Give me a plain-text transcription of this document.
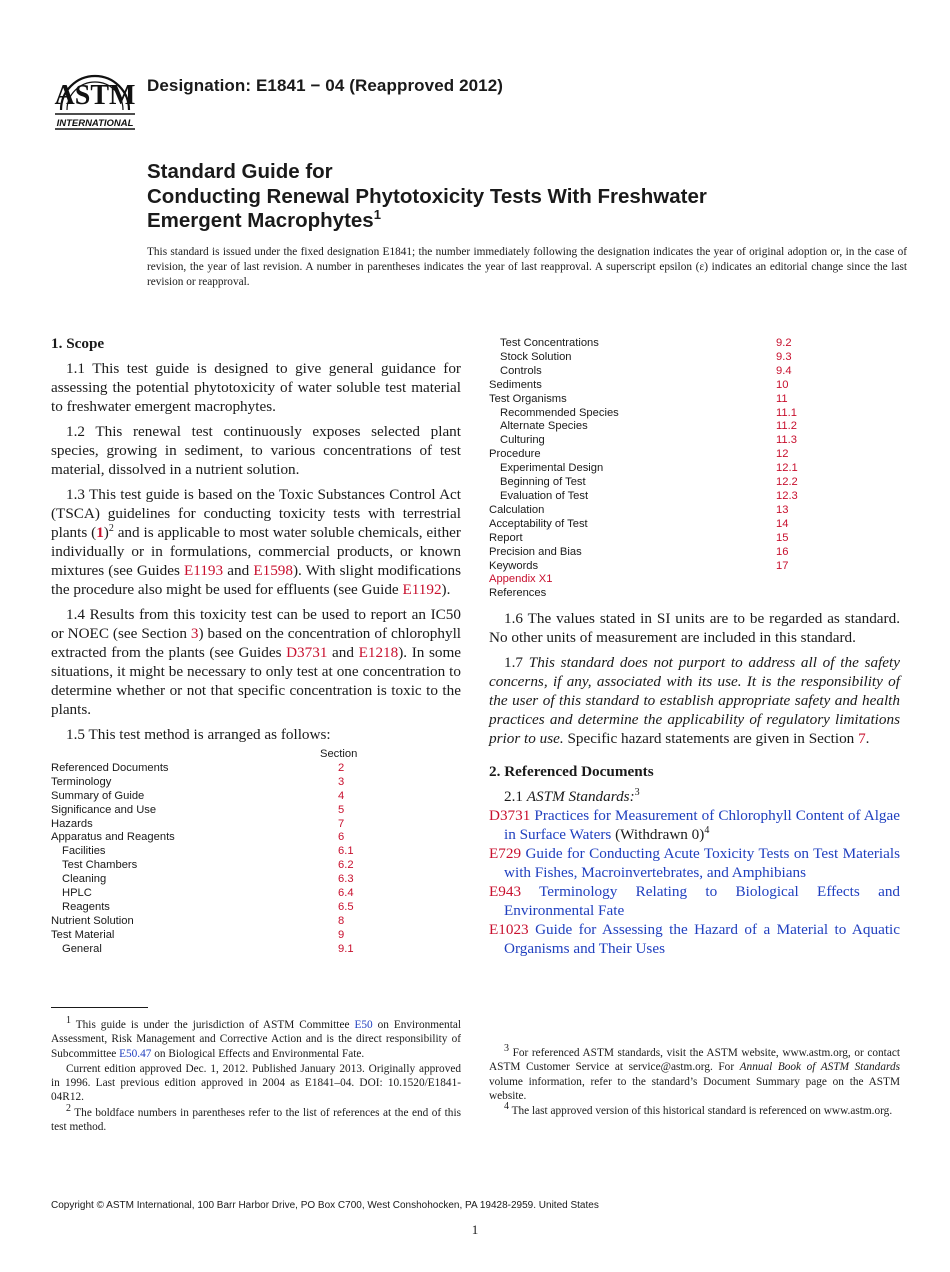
ASTM
INTERNATIONAL
Designation: E1841 − 04 (Reapproved 2012)
Standard Guide for
Conducting Renewal Phytotoxicity Tests With Freshwater
Emergent Macrophytes$^1$
This standard is issued under the fixed designation E1841; the number immediately following the designation indicates the year of original adoption or, in the case of revision, the year of last revision. A number in parentheses indicates the year of last reapproval. A superscript epsilon (ε) indicates an editorial change since the last revision or reapproval.
1. Scope

1.1 This test guide is designed to give general guidance for assessing the potential phytotoxicity of water soluble test material to freshwater emergent macrophytes.

1.2 This renewal test continuously exposes selected plant species, growing in sediment, to various concentrations of test material, dissolved in a nutrient solution.

1.3 This test guide is based on the Toxic Substances Control Act (TSCA) guidelines for conducting toxicity tests with terrestrial plants $(1)^2$ and is applicable to most water soluble chemicals, either individually or in formulations, commercial products, or known mixtures (see Guides E1193 and E1598). With slight modifications the procedure also might be used for effluents (see Guide E1192).

1.4 Results from this toxicity test can be used to report an IC50 or NOEC (see Section 3) based on the concentration of chlorophyll extracted from the plants (see Guides D3731 and E1218). In some situations, it might be necessary to only test at one concentration to determine whether or not that specific concentration is toxic to the plants.

1.5 This test method is arranged as follows:

Section
Referenced Documents	2
Terminology	3
Summary of Guide	4
Significance and Use	5
Hazards	7
Apparatus and Reagents	6
Facilities	6.1
Test Chambers	6.2
Cleaning	6.3
HPLC	6.4
Reagents	6.5
Nutrient Solution	8
Test Material	9
General	9.1
Test Concentrations	9.2
Stock Solution	9.3
Controls	9.4
Sediments	10
Test Organisms	11
Recommended Species	11.1
Alternate Species	11.2
Culturing	11.3
Procedure	12
Experimental Design	12.1
Beginning of Test	12.2
Evaluation of Test	12.3
Calculation	13
Acceptability of Test	14
Report	15
Precision and Bias	16
Keywords	17
Appendix X1
References

1.6 The values stated in SI units are to be regarded as standard. No other units of measurement are included in this standard.

1.7 This standard does not purport to address all of the safety concerns, if any, associated with its use. It is the responsibility of the user of this standard to establish appropriate safety and health practices and determine the applicability of regulatory limitations prior to use. Specific hazard statements are given in Section 7.

2. Referenced Documents

2.1 ASTM Standards:$^3$

D3731 Practices for Measurement of Chlorophyll Content of Algae in Surface Waters (Withdrawn 0)$^4$
E729 Guide for Conducting Acute Toxicity Tests on Test Materials with Fishes, Macroinvertebrates, and Amphibians
E943 Terminology Relating to Biological Effects and Environmental Fate
E1023 Guide for Assessing the Hazard of a Material to Aquatic Organisms and Their Uses

$^1$ This guide is under the jurisdiction of ASTM Committee E50 on Environmental Assessment, Risk Management and Corrective Action and is the direct responsibility of Subcommittee E50.47 on Biological Effects and Environmental Fate.

Current edition approved Dec. 1, 2012. Published January 2013. Originally approved in 1996. Last previous edition approved in 2004 as E1841–04. DOI: 10.1520/E1841-04R12.

$^2$ The boldface numbers in parentheses refer to the list of references at the end of this test method.

$^3$ For referenced ASTM standards, visit the ASTM website, www.astm.org, or contact ASTM Customer Service at service@astm.org. For Annual Book of ASTM Standards volume information, refer to the standard’s Document Summary page on the ASTM website.

$^4$ The last approved version of this historical standard is referenced on www.astm.org.

Copyright © ASTM International, 100 Barr Harbor Drive, PO Box C700, West Conshohocken, PA 19428-2959. United States
1
